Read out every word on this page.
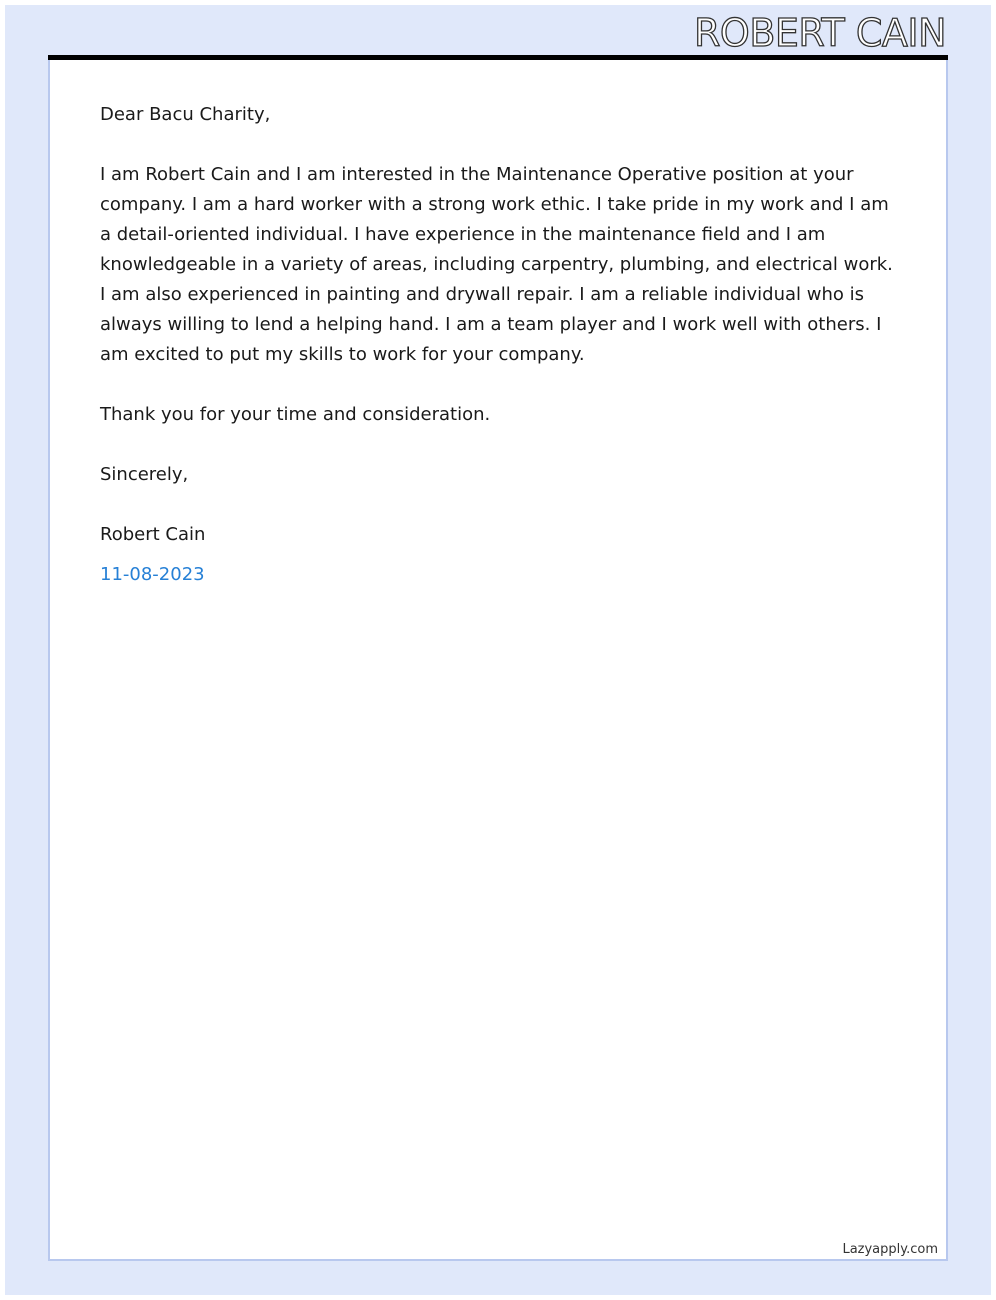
ROBERT CAIN

Dear Bacu Charity,

I am Robert Cain and I am interested in the Maintenance Operative position at your company. I am a hard worker with a strong work ethic. I take pride in my work and I am a detail-oriented individual. I have experience in the maintenance field and I am knowledgeable in a variety of areas, including carpentry, plumbing, and electrical work. I am also experienced in painting and drywall repair. I am a reliable individual who is always willing to lend a helping hand. I am a team player and I work well with others. I am excited to put my skills to work for your company.

Thank you for your time and consideration.

Sincerely,

Robert Cain

11-08-2023

Lazyapply.com
